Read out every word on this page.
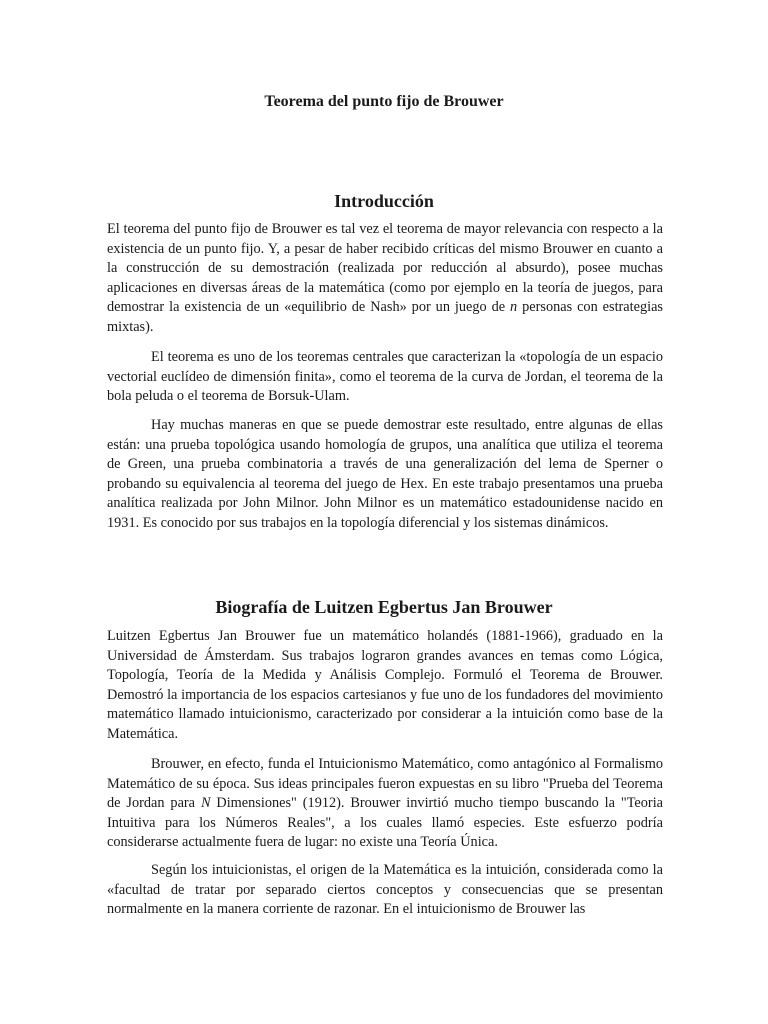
Teorema del punto fijo de Brouwer
Introducción

El teorema del punto fijo de Brouwer es tal vez el teorema de mayor relevancia con respecto a la existencia de un punto fijo. Y, a pesar de haber recibido críticas del mismo Brouwer en cuanto a la construcción de su demostración (realizada por reducción al absurdo), posee muchas aplicaciones en diversas áreas de la matemática (como por ejemplo en la teoría de juegos, para demostrar la existencia de un «equilibrio de Nash» por un juego de n personas con estrategias mixtas).

El teorema es uno de los teoremas centrales que caracterizan la «topología de un espacio vectorial euclídeo de dimensión finita», como el teorema de la curva de Jordan, el teorema de la bola peluda o el teorema de Borsuk-Ulam.

Hay muchas maneras en que se puede demostrar este resultado, entre algunas de ellas están: una prueba topológica usando homología de grupos, una analítica que utiliza el teorema de Green, una prueba combinatoria a través de una generalización del lema de Sperner o probando su equivalencia al teorema del juego de Hex. En este trabajo presentamos una prueba analítica realizada por John Milnor. John Milnor es un matemático estadounidense nacido en 1931. Es conocido por sus trabajos en la topología diferencial y los sistemas dinámicos.

Biografía de Luitzen Egbertus Jan Brouwer

Luitzen Egbertus Jan Brouwer fue un matemático holandés (1881-1966), graduado en la Universidad de Ámsterdam. Sus trabajos lograron grandes avances en temas como Lógica, Topología, Teoría de la Medida y Análisis Complejo. Formuló el Teorema de Brouwer. Demostró la importancia de los espacios cartesianos y fue uno de los fundadores del movimiento matemático llamado intuicionismo, caracterizado por considerar a la intuición como base de la Matemática.

Brouwer, en efecto, funda el Intuicionismo Matemático, como antagónico al Formalismo Matemático de su época. Sus ideas principales fueron expuestas en su libro "Prueba del Teorema de Jordan para N Dimensiones" (1912). Brouwer invirtió mucho tiempo buscando la "Teoria Intuitiva para los Números Reales", a los cuales llamó especies. Este esfuerzo podría considerarse actualmente fuera de lugar: no existe una Teoría Única.

Según los intuicionistas, el origen de la Matemática es la intuición, considerada como la «facultad de tratar por separado ciertos conceptos y consecuencias que se presentan normalmente en la manera corriente de razonar. En el intuicionismo de Brouwer las
